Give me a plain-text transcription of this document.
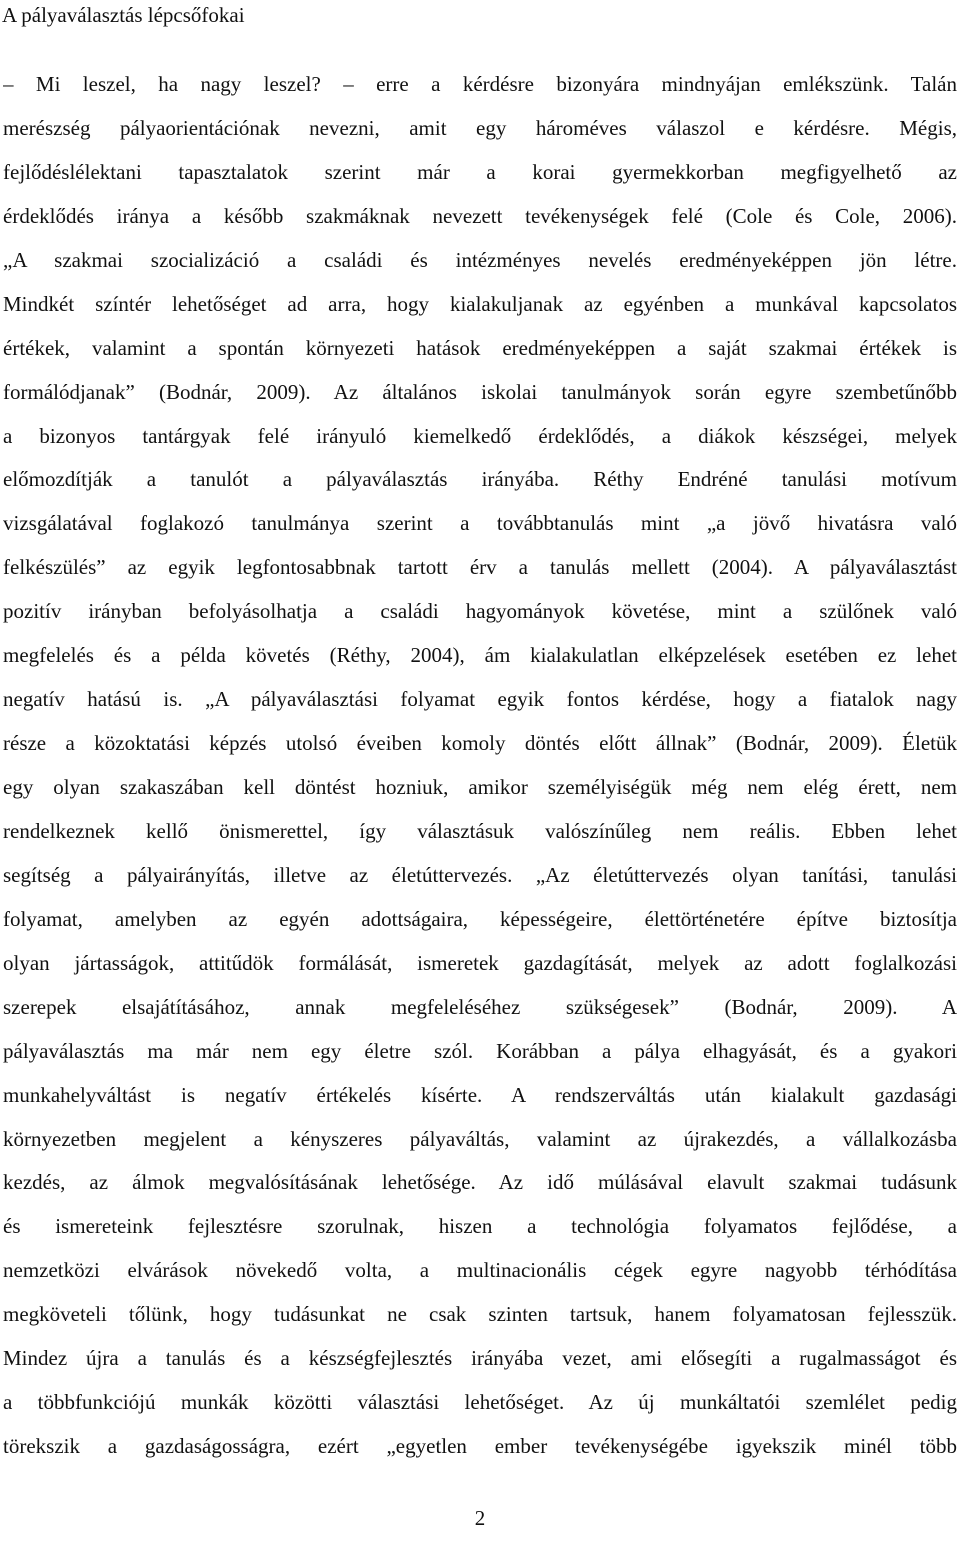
A pályaválasztás lépcsőfokai
– Mi leszel, ha nagy leszel? – erre a kérdésre bizonyára mindnyájan emlékszünk. Talán
merészség pályaorientációnak nevezni, amit egy hároméves válaszol e kérdésre. Mégis,
fejlődéslélektani tapasztalatok szerint már a korai gyermekkorban megfigyelhető az
érdeklődés iránya a később szakmáknak nevezett tevékenységek felé (Cole és Cole, 2006).
„A szakmai szocializáció a családi és intézményes nevelés eredményeképpen jön létre.
Mindkét színtér lehetőséget ad arra, hogy kialakuljanak az egyénben a munkával kapcsolatos
értékek, valamint a spontán környezeti hatások eredményeképpen a saját szakmai értékek is
formálódjanak” (Bodnár, 2009). Az általános iskolai tanulmányok során egyre szembetűnőbb
a bizonyos tantárgyak felé irányuló kiemelkedő érdeklődés, a diákok készségei, melyek
előmozdítják a tanulót a pályaválasztás irányába. Réthy Endréné tanulási motívum
vizsgálatával foglakozó tanulmánya szerint a továbbtanulás mint „a jövő hivatásra való
felkészülés” az egyik legfontosabbnak tartott érv a tanulás mellett (2004). A pályaválasztást
pozitív irányban befolyásolhatja a családi hagyományok követése, mint a szülőnek való
megfelelés és a példa követés (Réthy, 2004), ám kialakulatlan elképzelések esetében ez lehet
negatív hatású is. „A pályaválasztási folyamat egyik fontos kérdése, hogy a fiatalok nagy
része a közoktatási képzés utolsó éveiben komoly döntés előtt állnak” (Bodnár, 2009). Életük
egy olyan szakaszában kell döntést hozniuk, amikor személyiségük még nem elég érett, nem
rendelkeznek kellő önismerettel, így választásuk valószínűleg nem reális. Ebben lehet
segítség a pályairányítás, illetve az életúttervezés. „Az életúttervezés olyan tanítási, tanulási
folyamat, amelyben az egyén adottságaira, képességeire, élettörténetére építve biztosítja
olyan jártasságok, attitűdök formálását, ismeretek gazdagítását, melyek az adott foglalkozási
szerepek elsajátításához, annak megfeleléséhez szükségesek” (Bodnár, 2009). A
pályaválasztás ma már nem egy életre szól. Korábban a pálya elhagyását, és a gyakori
munkahelyváltást is negatív értékelés kísérte. A rendszerváltás után kialakult gazdasági
környezetben megjelent a kényszeres pályaváltás, valamint az újrakezdés, a vállalkozásba
kezdés, az álmok megvalósításának lehetősége. Az idő múlásával elavult szakmai tudásunk
és ismereteink fejlesztésre szorulnak, hiszen a technológia folyamatos fejlődése, a
nemzetközi elvárások növekedő volta, a multinacionális cégek egyre nagyobb térhódítása
megköveteli tőlünk, hogy tudásunkat ne csak szinten tartsuk, hanem folyamatosan fejlesszük.
Mindez újra a tanulás és a készségfejlesztés irányába vezet, ami elősegíti a rugalmasságot és
a többfunkciójú munkák közötti választási lehetőséget. Az új munkáltatói szemlélet pedig
törekszik a gazdaságosságra, ezért „egyetlen ember tevékenységébe igyekszik minél több
2
